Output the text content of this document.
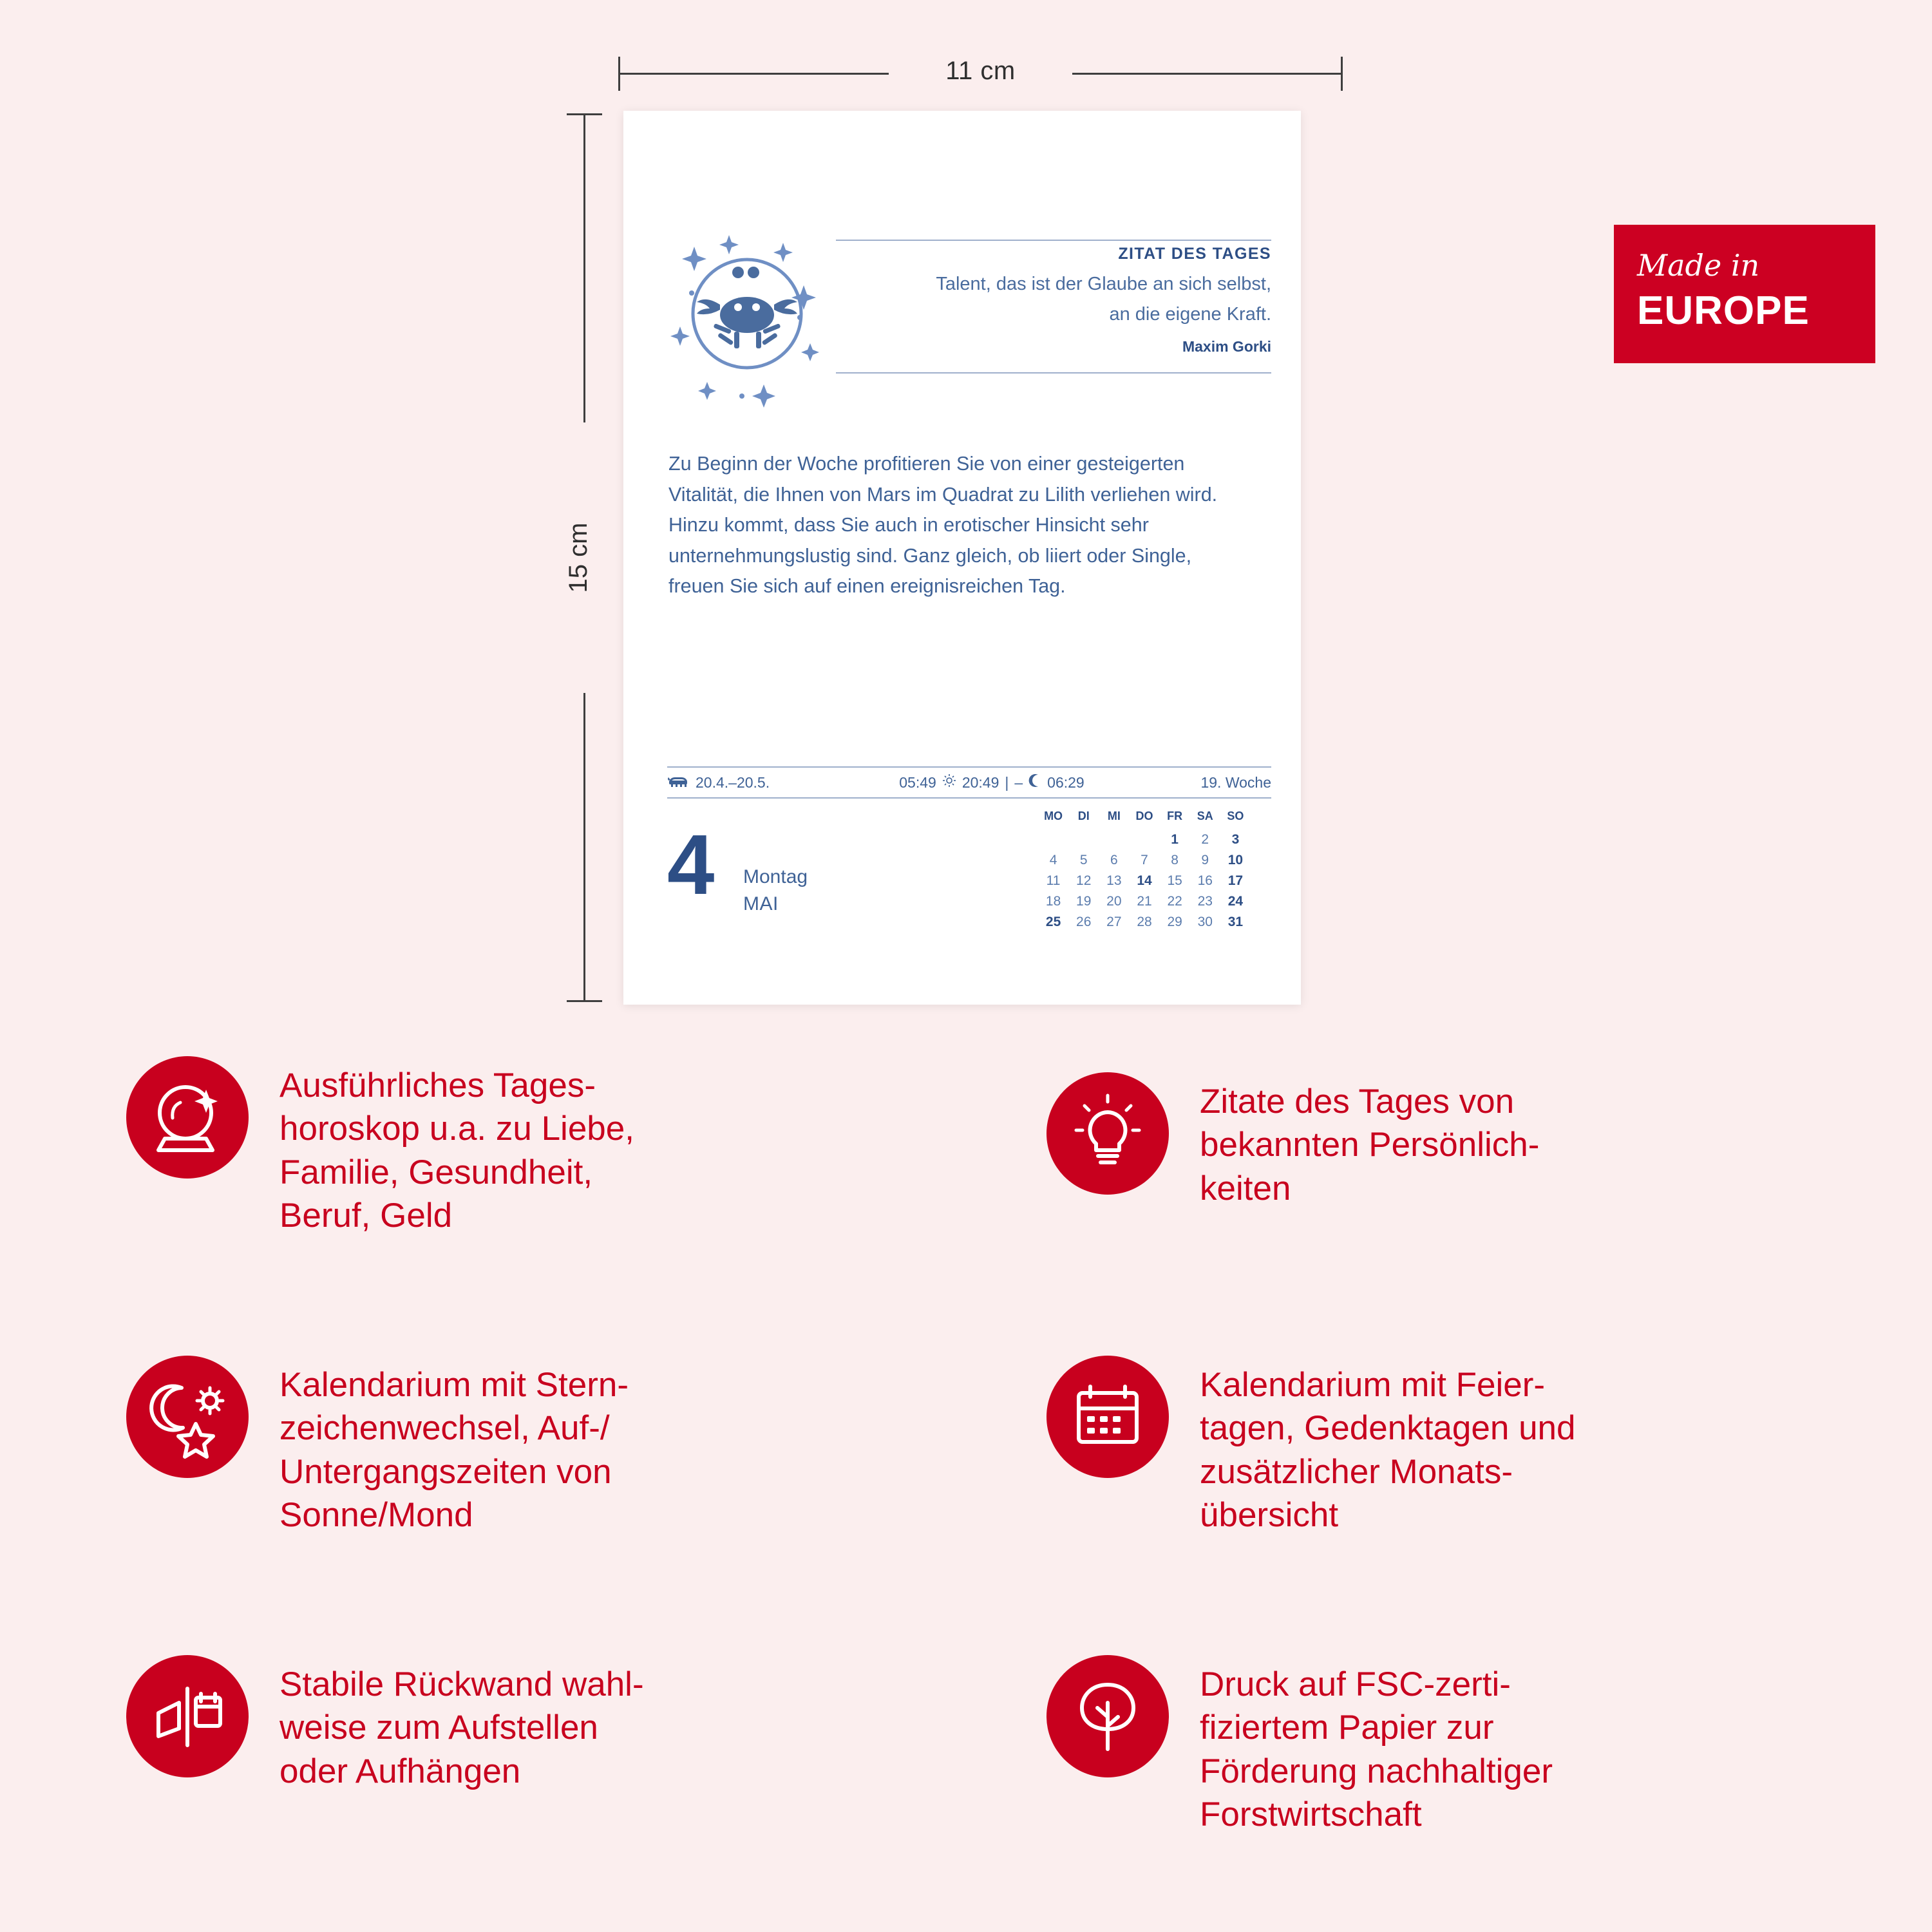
11 cm
15 cm
ZITAT DES TAGES
Talent, das ist der Glaube an sich selbst,
an die eigene Kraft.
Maxim Gorki
Zu Beginn der Woche profitieren Sie von einer gesteigerten Vitalität, die Ihnen von Mars im Quadrat zu Lilith verliehen wird. Hinzu kommt, dass Sie auch in erotischer Hinsicht sehr unternehmungslustig sind. Ganz gleich, ob liiert oder Single, freuen Sie sich auf einen ereignisreichen Tag.
20.4.–20.5.	05:49 20:49 | – 06:29	19. Woche
4 Montag
MAI
MO	DI	MI	DO	FR	SA	SO
				1	2	3
4	5	6	7	8	9	10
11	12	13	14	15	16	17
18	19	20	21	22	23	24
25	26	27	28	29	30	31
Made in
EUROPE
Ausführliches Tages-
horoskop u.a. zu Liebe,
Familie, Gesundheit,
Beruf, Geld
Kalendarium mit Stern-
zeichenwechsel, Auf-/
Untergangszeiten von
Sonne/Mond
Stabile Rückwand wahl-
weise zum Aufstellen
oder Aufhängen
Zitate des Tages von
bekannten Persönlich-
keiten
Kalendarium mit Feier-
tagen, Gedenktagen und
zusätzlicher Monats-
übersicht
Druck auf FSC-zerti-
fiziertem Papier zur
Förderung nachhaltiger
Forstwirtschaft
